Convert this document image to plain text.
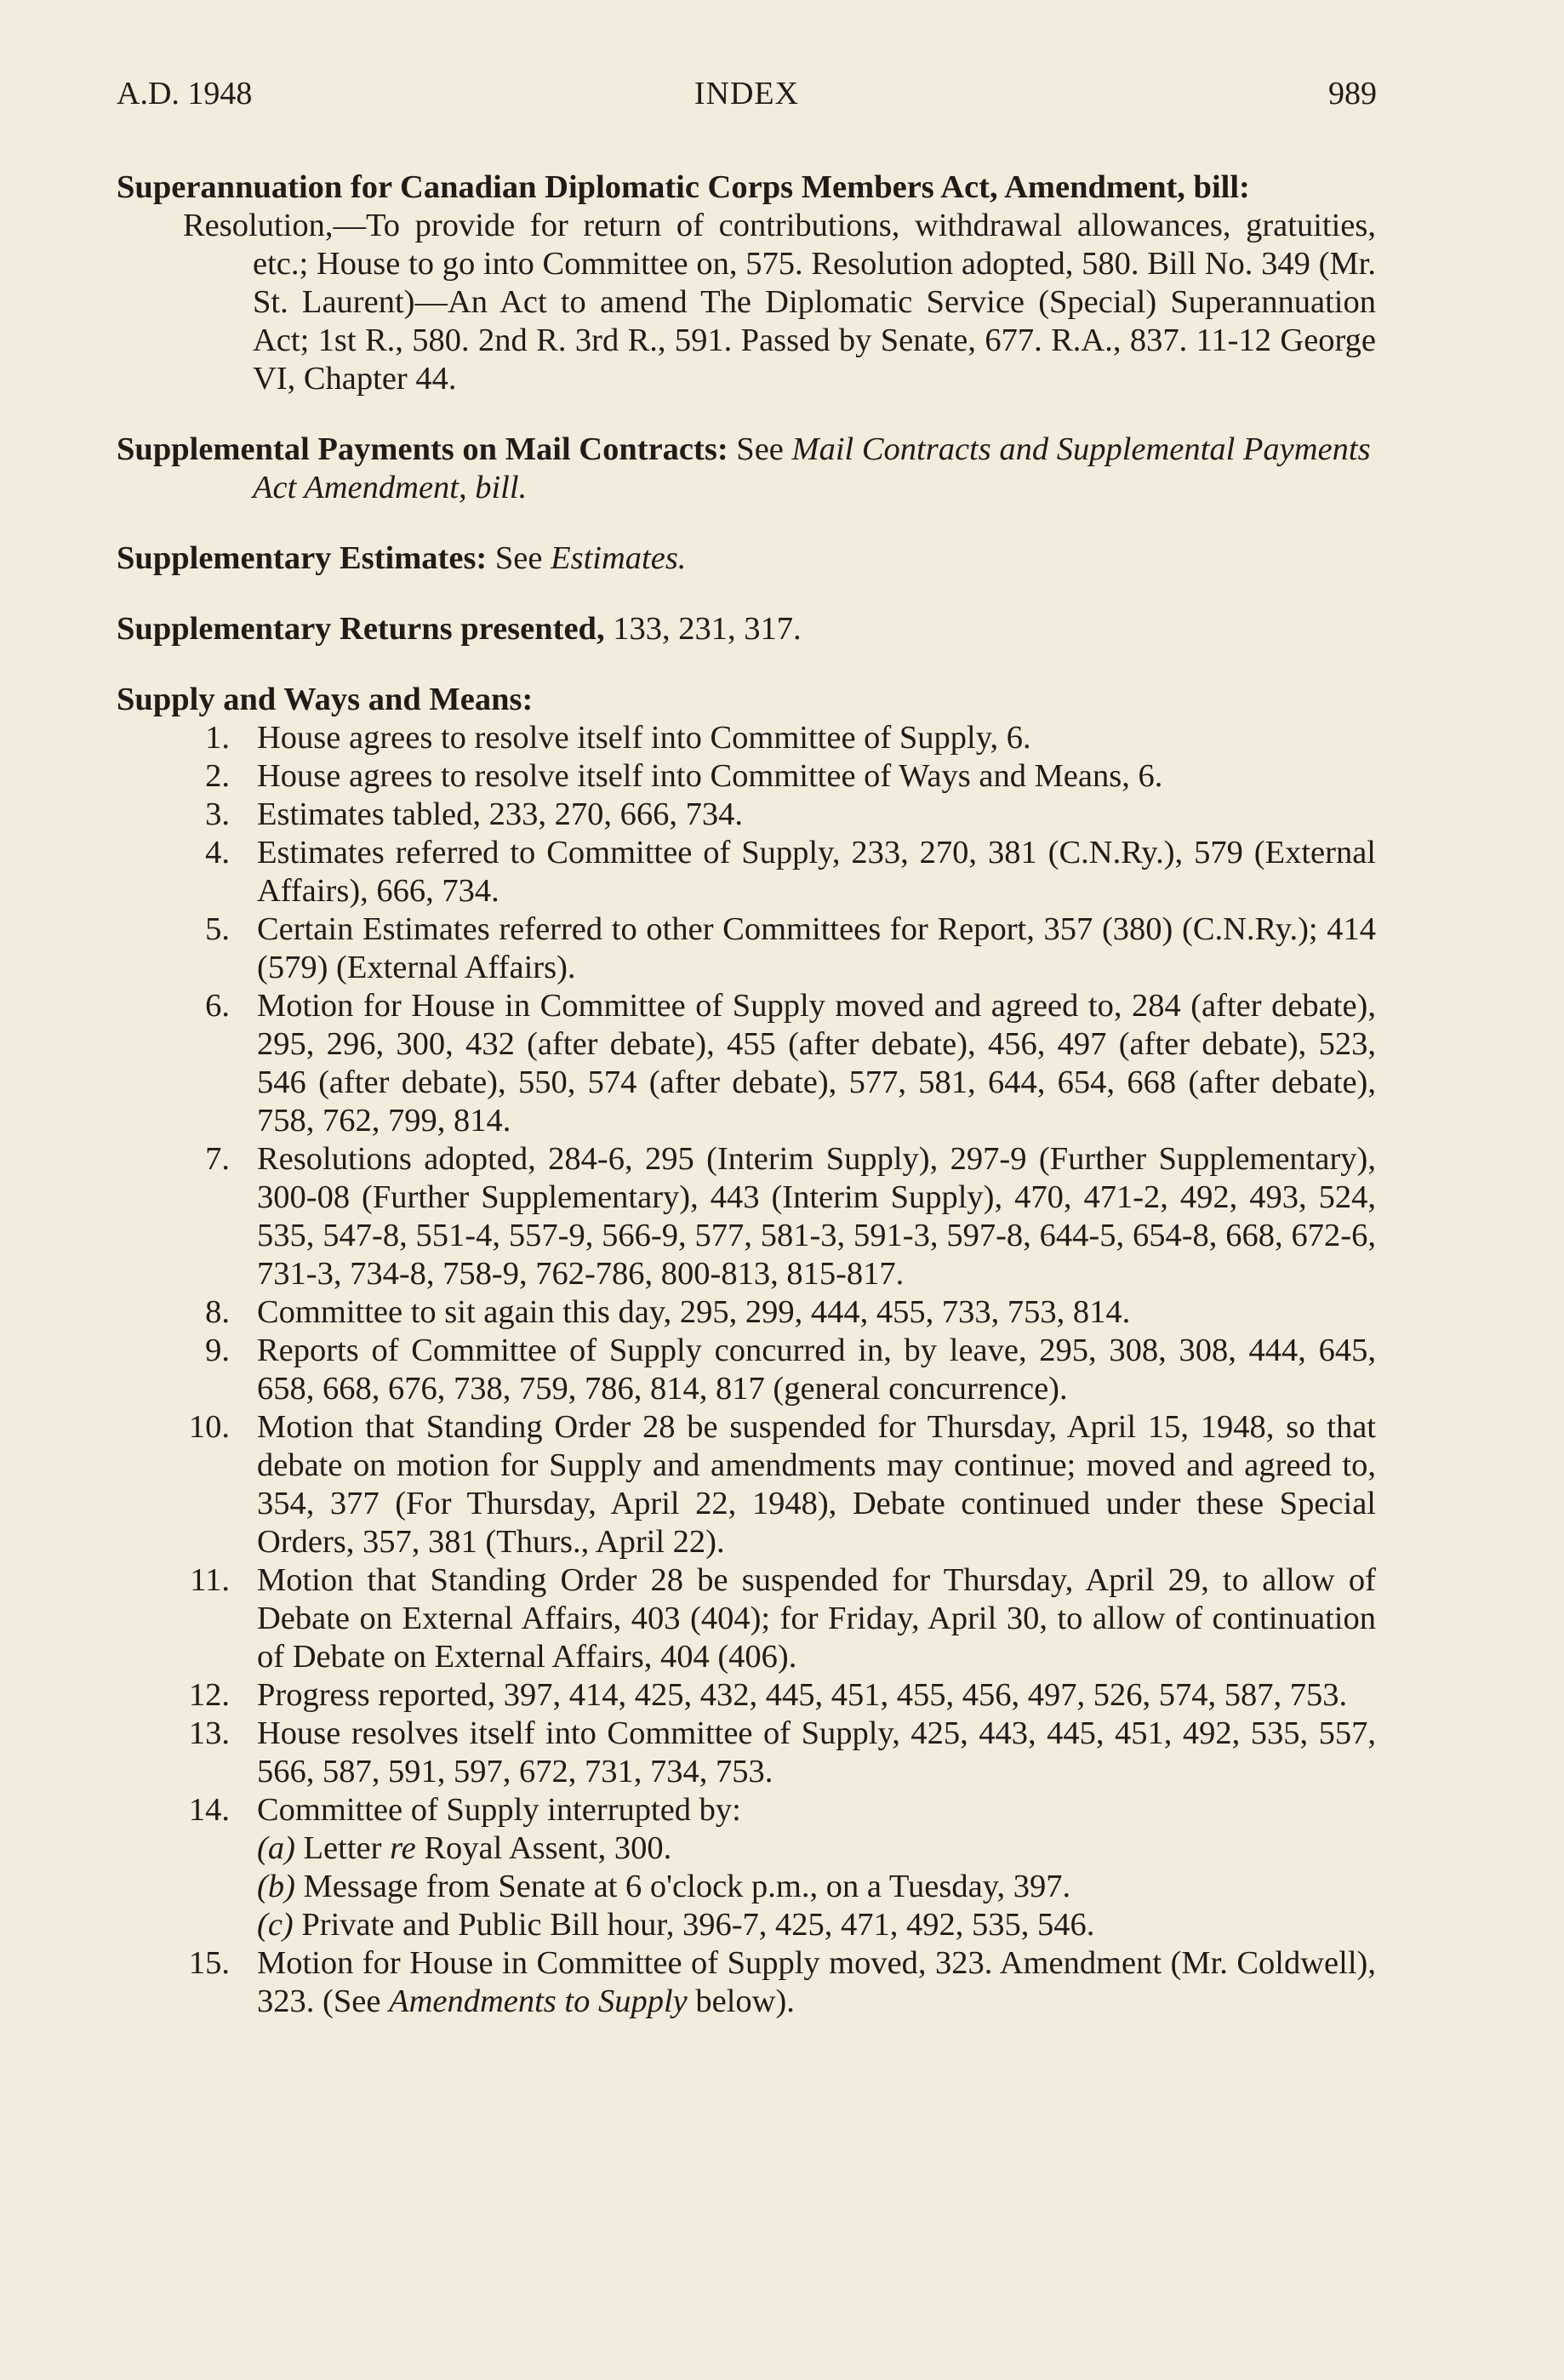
A.D. 1948	INDEX	989

Superannuation for Canadian Diplomatic Corps Members Act, Amendment, bill:

Resolution,—To provide for return of contributions, withdrawal allowances, gratuities, etc.; House to go into Committee on, 575. Resolution adopted, 580. Bill No. 349 (Mr. St. Laurent)—An Act to amend The Diplomatic Service (Special) Superannuation Act; 1st R., 580. 2nd R. 3rd R., 591. Passed by Senate, 677. R.A., 837. 11-12 George VI, Chapter 44.

Supplemental Payments on Mail Contracts: See Mail Contracts and Supplemental Payments Act Amendment, bill.

Supplementary Estimates: See Estimates.

Supplementary Returns presented, 133, 231, 317.

Supply and Ways and Means:

1. House agrees to resolve itself into Committee of Supply, 6.
2. House agrees to resolve itself into Committee of Ways and Means, 6.
3. Estimates tabled, 233, 270, 666, 734.
4. Estimates referred to Committee of Supply, 233, 270, 381 (C.N.Ry.), 579 (External Affairs), 666, 734.
5. Certain Estimates referred to other Committees for Report, 357 (380) (C.N.Ry.); 414 (579) (External Affairs).
6. Motion for House in Committee of Supply moved and agreed to, 284 (after debate), 295, 296, 300, 432 (after debate), 455 (after debate), 456, 497 (after debate), 523, 546 (after debate), 550, 574 (after debate), 577, 581, 644, 654, 668 (after debate), 758, 762, 799, 814.
7. Resolutions adopted, 284-6, 295 (Interim Supply), 297-9 (Further Supplementary), 300-08 (Further Supplementary), 443 (Interim Supply), 470, 471-2, 492, 493, 524, 535, 547-8, 551-4, 557-9, 566-9, 577, 581-3, 591-3, 597-8, 644-5, 654-8, 668, 672-6, 731-3, 734-8, 758-9, 762-786, 800-813, 815-817.
8. Committee to sit again this day, 295, 299, 444, 455, 733, 753, 814.
9. Reports of Committee of Supply concurred in, by leave, 295, 308, 308, 444, 645, 658, 668, 676, 738, 759, 786, 814, 817 (general concurrence).
10. Motion that Standing Order 28 be suspended for Thursday, April 15, 1948, so that debate on motion for Supply and amendments may continue; moved and agreed to, 354, 377 (For Thursday, April 22, 1948), Debate continued under these Special Orders, 357, 381 (Thurs., April 22).
11. Motion that Standing Order 28 be suspended for Thursday, April 29, to allow of Debate on External Affairs, 403 (404); for Friday, April 30, to allow of continuation of Debate on External Affairs, 404 (406).
12. Progress reported, 397, 414, 425, 432, 445, 451, 455, 456, 497, 526, 574, 587, 753.
13. House resolves itself into Committee of Supply, 425, 443, 445, 451, 492, 535, 557, 566, 587, 591, 597, 672, 731, 734, 753.
14. Committee of Supply interrupted by:
(a) Letter re Royal Assent, 300.
(b) Message from Senate at 6 o'clock p.m., on a Tuesday, 397.
(c) Private and Public Bill hour, 396-7, 425, 471, 492, 535, 546.
15. Motion for House in Committee of Supply moved, 323. Amendment (Mr. Coldwell), 323. (See Amendments to Supply below).
